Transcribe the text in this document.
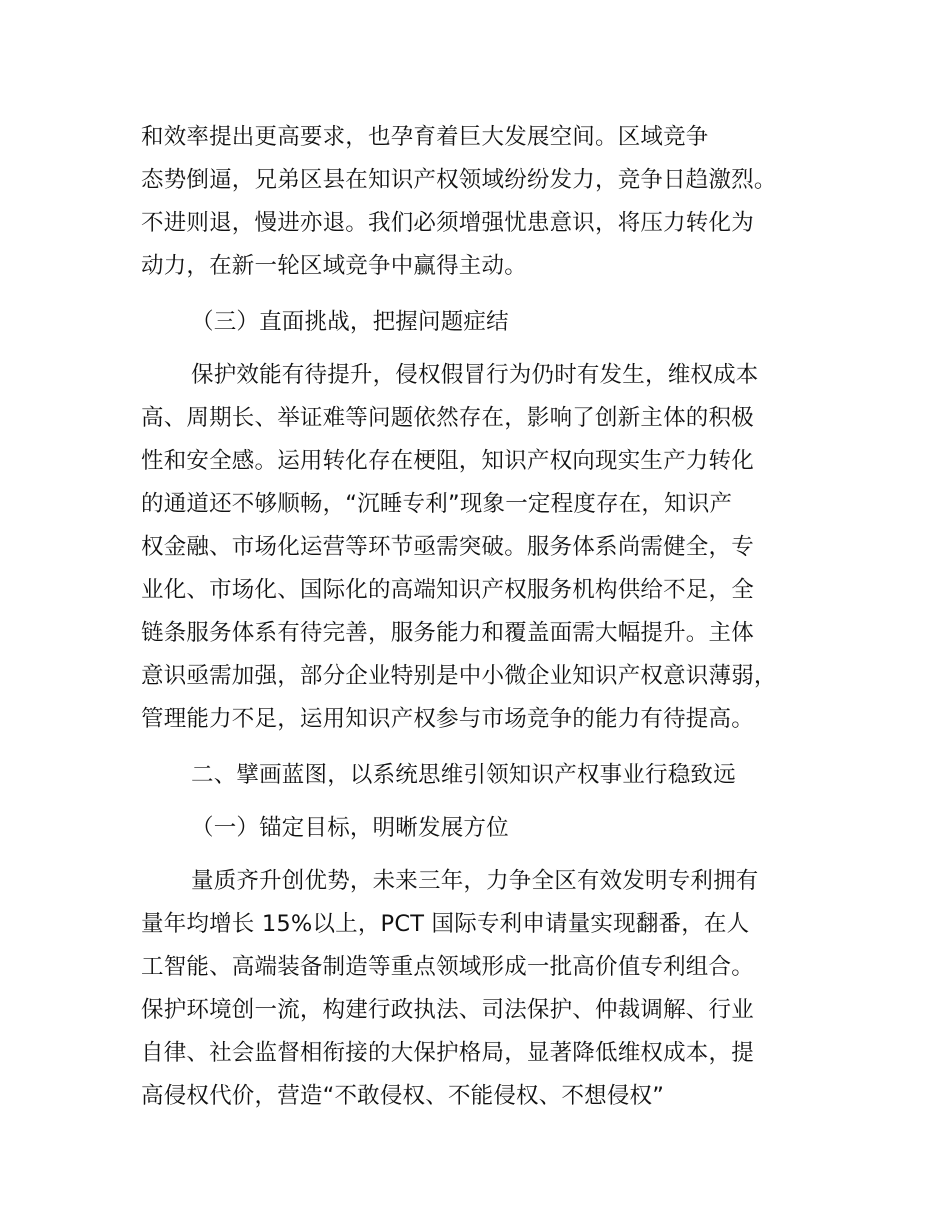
和效率提出更高要求，也孕育着巨大发展空间。区域竞争
态势倒逼，兄弟区县在知识产权领域纷纷发力，竞争日趋激烈。
不进则退，慢进亦退。我们必须增强忧患意识，将压力转化为
动力，在新一轮区域竞争中赢得主动。
（三）直面挑战，把握问题症结
保护效能有待提升，侵权假冒行为仍时有发生，维权成本
高、周期长、举证难等问题依然存在，影响了创新主体的积极
性和安全感。运用转化存在梗阻，知识产权向现实生产力转化
的通道还不够顺畅，“沉睡专利”现象一定程度存在，知识产
权金融、市场化运营等环节亟需突破。服务体系尚需健全，专
业化、市场化、国际化的高端知识产权服务机构供给不足，全
链条服务体系有待完善，服务能力和覆盖面需大幅提升。主体
意识亟需加强，部分企业特别是中小微企业知识产权意识薄弱，
管理能力不足，运用知识产权参与市场竞争的能力有待提高。
二、擘画蓝图，以系统思维引领知识产权事业行稳致远
（一）锚定目标，明晰发展方位
量质齐升创优势，未来三年，力争全区有效发明专利拥有
量年均增长 15%以上，PCT 国际专利申请量实现翻番，在人
工智能、高端装备制造等重点领域形成一批高价值专利组合。
保护环境创一流，构建行政执法、司法保护、仲裁调解、行业
自律、社会监督相衔接的大保护格局，显著降低维权成本，提
高侵权代价，营造“不敢侵权、不能侵权、不想侵权”
